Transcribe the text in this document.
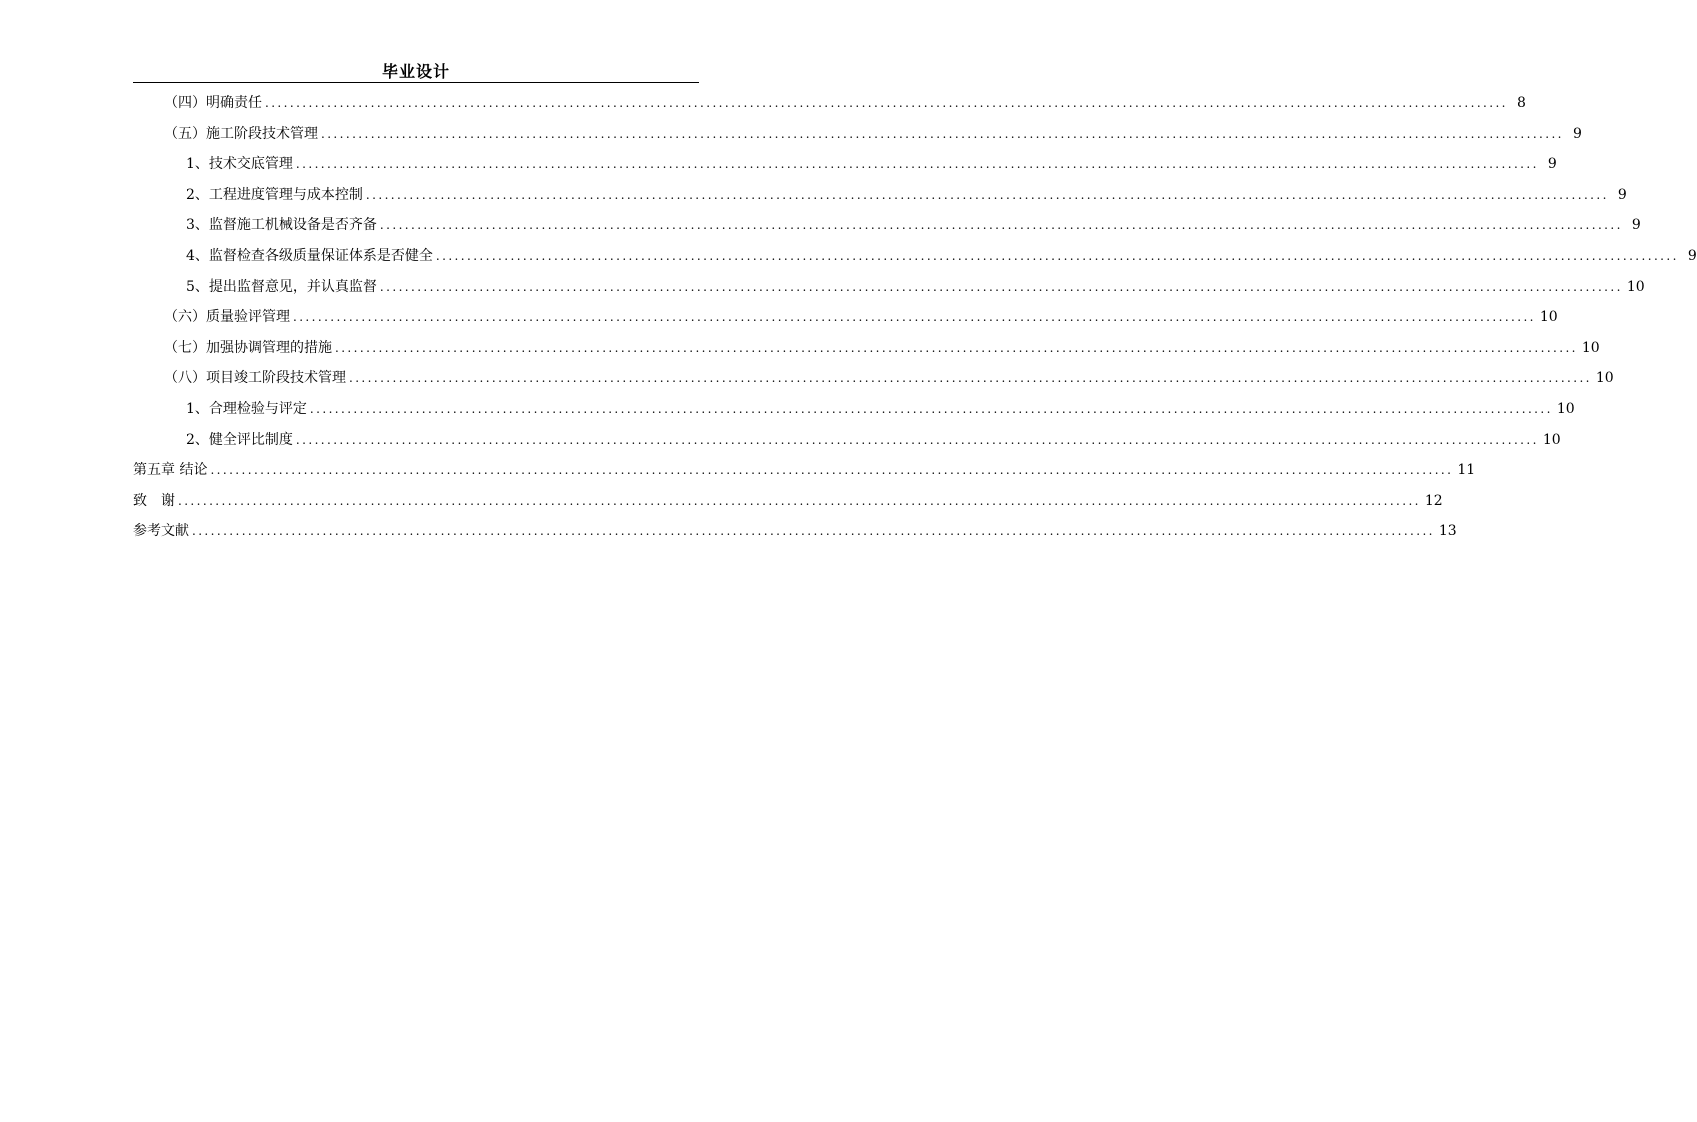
毕业设计
（四）明确责任 ........................................................................................................................................................................................................ 8
（五）施工阶段技术管理 ........................................................................................................................................................................................................ 9
1、技术交底管理 ........................................................................................................................................................................................................ 9
2、工程进度管理与成本控制 ........................................................................................................................................................................................................ 9
3、监督施工机械设备是否齐备 ........................................................................................................................................................................................................ 9
4、监督检查各级质量保证体系是否健全 ........................................................................................................................................................................................................ 9
5、提出监督意见，并认真监督 ........................................................................................................................................................................................................ 10
（六）质量验评管理 ........................................................................................................................................................................................................ 10
（七）加强协调管理的措施 ........................................................................................................................................................................................................ 10
（八）项目竣工阶段技术管理 ........................................................................................................................................................................................................ 10
1、合理检验与评定 ........................................................................................................................................................................................................ 10
2、健全评比制度 ........................................................................................................................................................................................................ 10
第五章 结论 ........................................................................................................................................................................................................ 11
致　谢 ........................................................................................................................................................................................................ 12
参考文献 ........................................................................................................................................................................................................ 13
